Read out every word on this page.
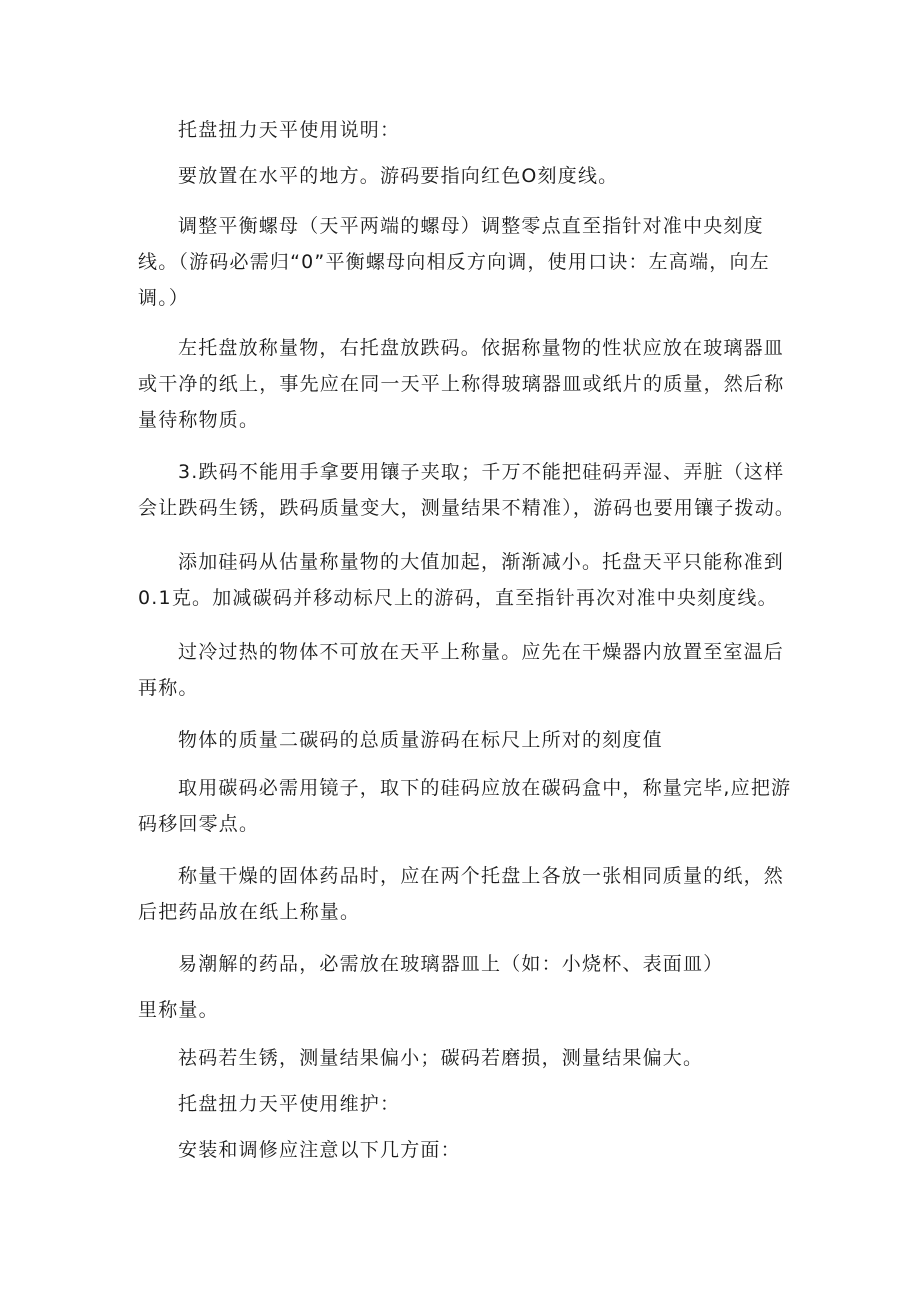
托盘扭力天平使用说明：

要放置在水平的地方。游码要指向红色O刻度线。

调整平衡螺母（天平两端的螺母）调整零点直至指针对准中央刻度线。（游码必需归“0”平衡螺母向相反方向调，使用口诀：左高端，向左调。）

左托盘放称量物，右托盘放跌码。依据称量物的性状应放在玻璃器皿或干净的纸上，事先应在同一天平上称得玻璃器皿或纸片的质量，然后称量待称物质。

3.跌码不能用手拿要用镶子夹取；千万不能把硅码弄湿、弄脏（这样会让跌码生锈，跌码质量变大，测量结果不精准），游码也要用镶子拨动。

添加硅码从估量称量物的大值加起，渐渐减小。托盘天平只能称准到0.1克。加减碳码并移动标尺上的游码，直至指针再次对准中央刻度线。

过冷过热的物体不可放在天平上称量。应先在干燥器内放置至室温后再称。

物体的质量二碳码的总质量游码在标尺上所对的刻度值

取用碳码必需用镜子，取下的硅码应放在碳码盒中，称量完毕,应把游码移回零点。

称量干燥的固体药品时，应在两个托盘上各放一张相同质量的纸，然后把药品放在纸上称量。

易潮解的药品，必需放在玻璃器皿上（如：小烧杯、表面皿）

里称量。

祛码若生锈，测量结果偏小；碳码若磨损，测量结果偏大。

托盘扭力天平使用维护：

安装和调修应注意以下几方面：
